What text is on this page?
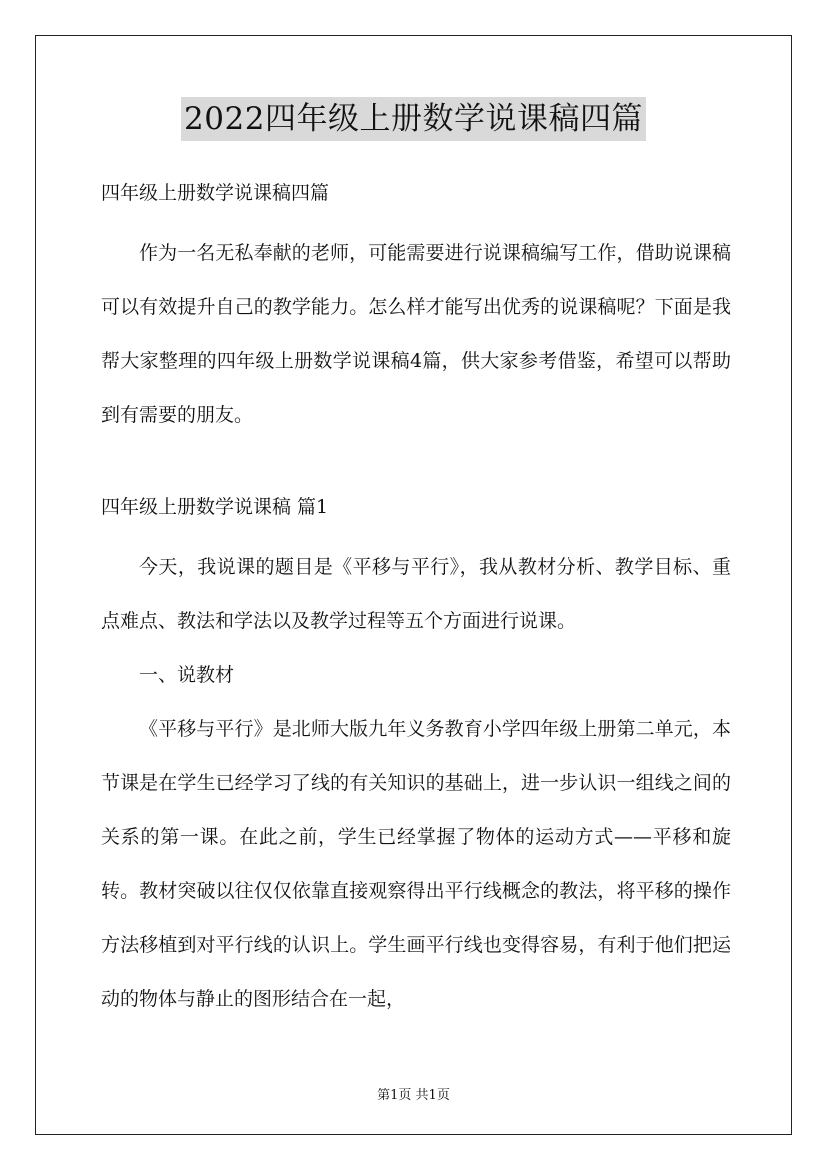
2022四年级上册数学说课稿四篇

四年级上册数学说课稿四篇

作为一名无私奉献的老师，可能需要进行说课稿编写工作，借助说课稿可以有效提升自己的教学能力。怎么样才能写出优秀的说课稿呢？下面是我帮大家整理的四年级上册数学说课稿4篇，供大家参考借鉴，希望可以帮助到有需要的朋友。

四年级上册数学说课稿 篇1

今天，我说课的题目是《平移与平行》，我从教材分析、教学目标、重点难点、教法和学法以及教学过程等五个方面进行说课。

一、说教材

《平移与平行》是北师大版九年义务教育小学四年级上册第二单元，本节课是在学生已经学习了线的有关知识的基础上，进一步认识一组线之间的关系的第一课。在此之前，学生已经掌握了物体的运动方式——平移和旋转。教材突破以往仅仅依靠直接观察得出平行线概念的教法，将平移的操作方法移植到对平行线的认识上。学生画平行线也变得容易，有利于他们把运动的物体与静止的图形结合在一起，

第1页 共1页
